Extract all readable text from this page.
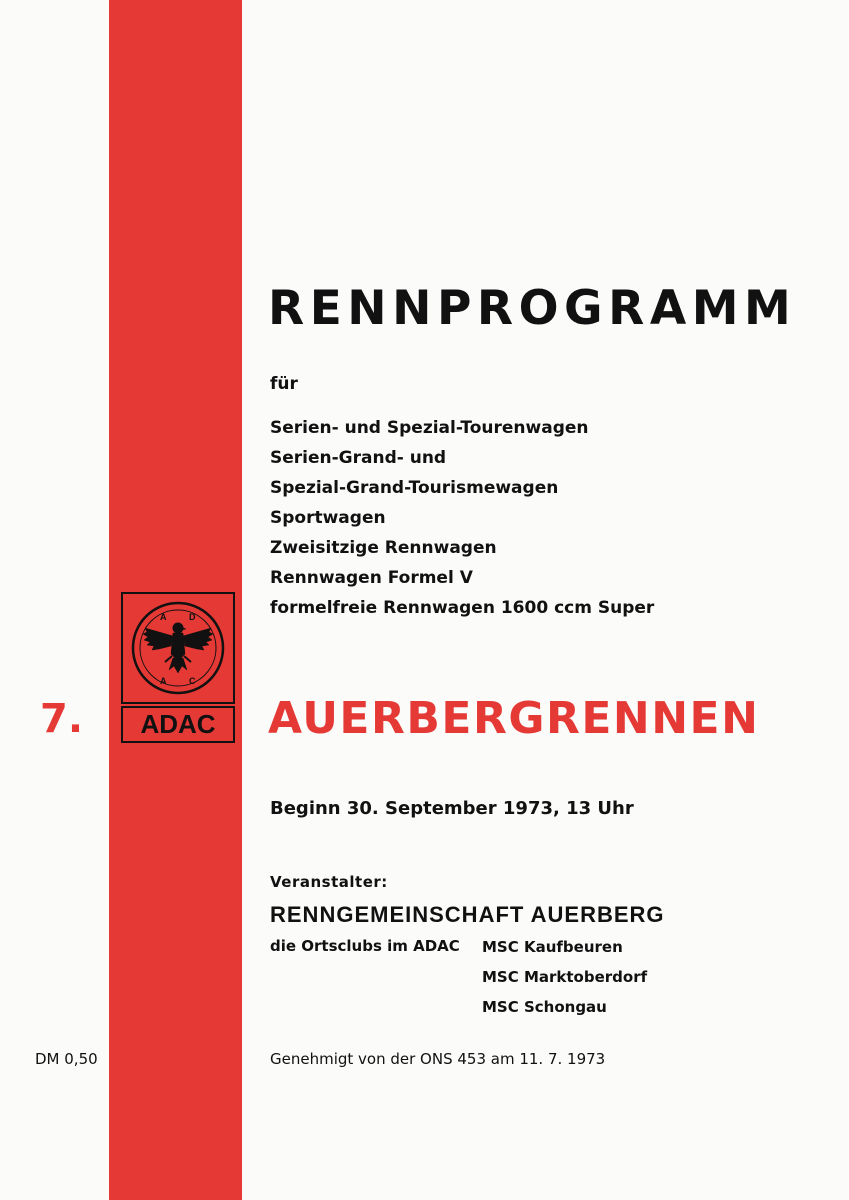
RENNPROGRAMM
für
Serien- und Spezial-Tourenwagen
Serien-Grand- und
Spezial-Grand-Tourismewagen
Sportwagen
Zweisitzige Rennwagen
Rennwagen Formel V
formelfreie Rennwagen 1600 ccm Super
A	D
A	C
ADAC
7.	AUERBERGRENNEN
Beginn 30. September 1973, 13 Uhr
Veranstalter:
RENNGEMEINSCHAFT AUERBERG
die Ortsclubs im ADAC MSC Kaufbeuren
MSC Marktoberdorf
MSC Schongau
DM 0,50	Genehmigt von der ONS 453 am 11. 7. 1973
